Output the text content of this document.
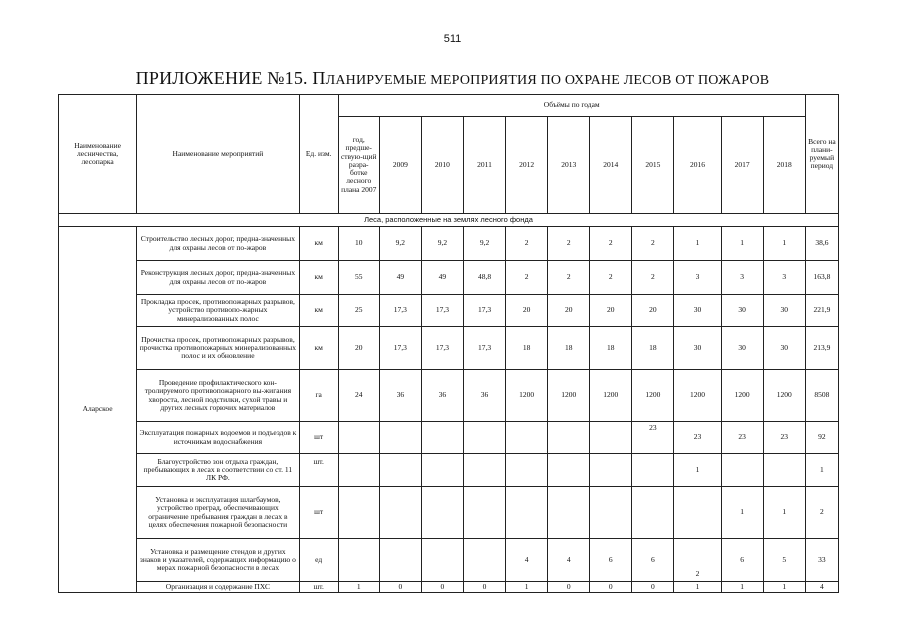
511
ПРИЛОЖЕНИЕ №15. ПЛАНИРУЕМЫЕ МЕРОПРИЯТИЯ ПО ОХРАНЕ ЛЕСОВ ОТ ПОЖАРОВ
Наименование лесничества, лесопарка	Наименование мероприятий	Ед. изм.	Объёмы по годам											Всего на плани-руемый период
			год, предше-ствую-щий разра-ботке лесного плана 2007	2009	2010	2011	2012	2013	2014	2015	2016	2017	2018	
Леса, расположенные на землях лесного фонда														
Аларское	Строительство лесных дорог, предна-значенных для охраны лесов от по-жаров	км	10	9,2	9,2	9,2	2	2	2	2	1	1	1	38,6
	Реконструкция лесных дорог, предна-значенных для охраны лесов от по-жаров	км	55	49	49	48,8	2	2	2	2	3	3	3	163,8
	Прокладка просек, противопожарных разрывов, устройство противопо-жарных минерализованных полос	км	25	17,3	17,3	17,3	20	20	20	20	30	30	30	221,9
	Прочистка просек, противопожарных разрывов, прочистка противопожарных минерализованных полос и их обновление	км	20	17,3	17,3	17,3	18	18	18	18	30	30	30	213,9
	Проведение профилактического кон-тролируемого противопожарного вы-жигания хвороста, лесной подстилки, сухой травы и других лесных горючих материалов	га	24	36	36	36	1200	1200	1200	1200	1200	1200	1200	8508
	Эксплуатация пожарных водоемов и подъездов к источникам водоснабжения	шт								23	23	23	23	92
	Благоустройство зон отдыха граждан, пребывающих в лесах в соответствии со ст. 11 ЛК РФ.	шт.									1			1
	Установка и эксплуатация шлагбаумов, устройство преград, обеспечивающих ограничение пребывания граждан в лесах в целях обеспечения пожарной безопасности	шт										1	1	2
	Установка и размещение стендов и других знаков и указателей, содержащих информацию о мерах пожарной безопасности в лесах	ед					4	4	6	6	2	6	5	33
	Организация и содержание ПХС	шт.	1	0	0	0	1	0	0	0	1	1	1	4
